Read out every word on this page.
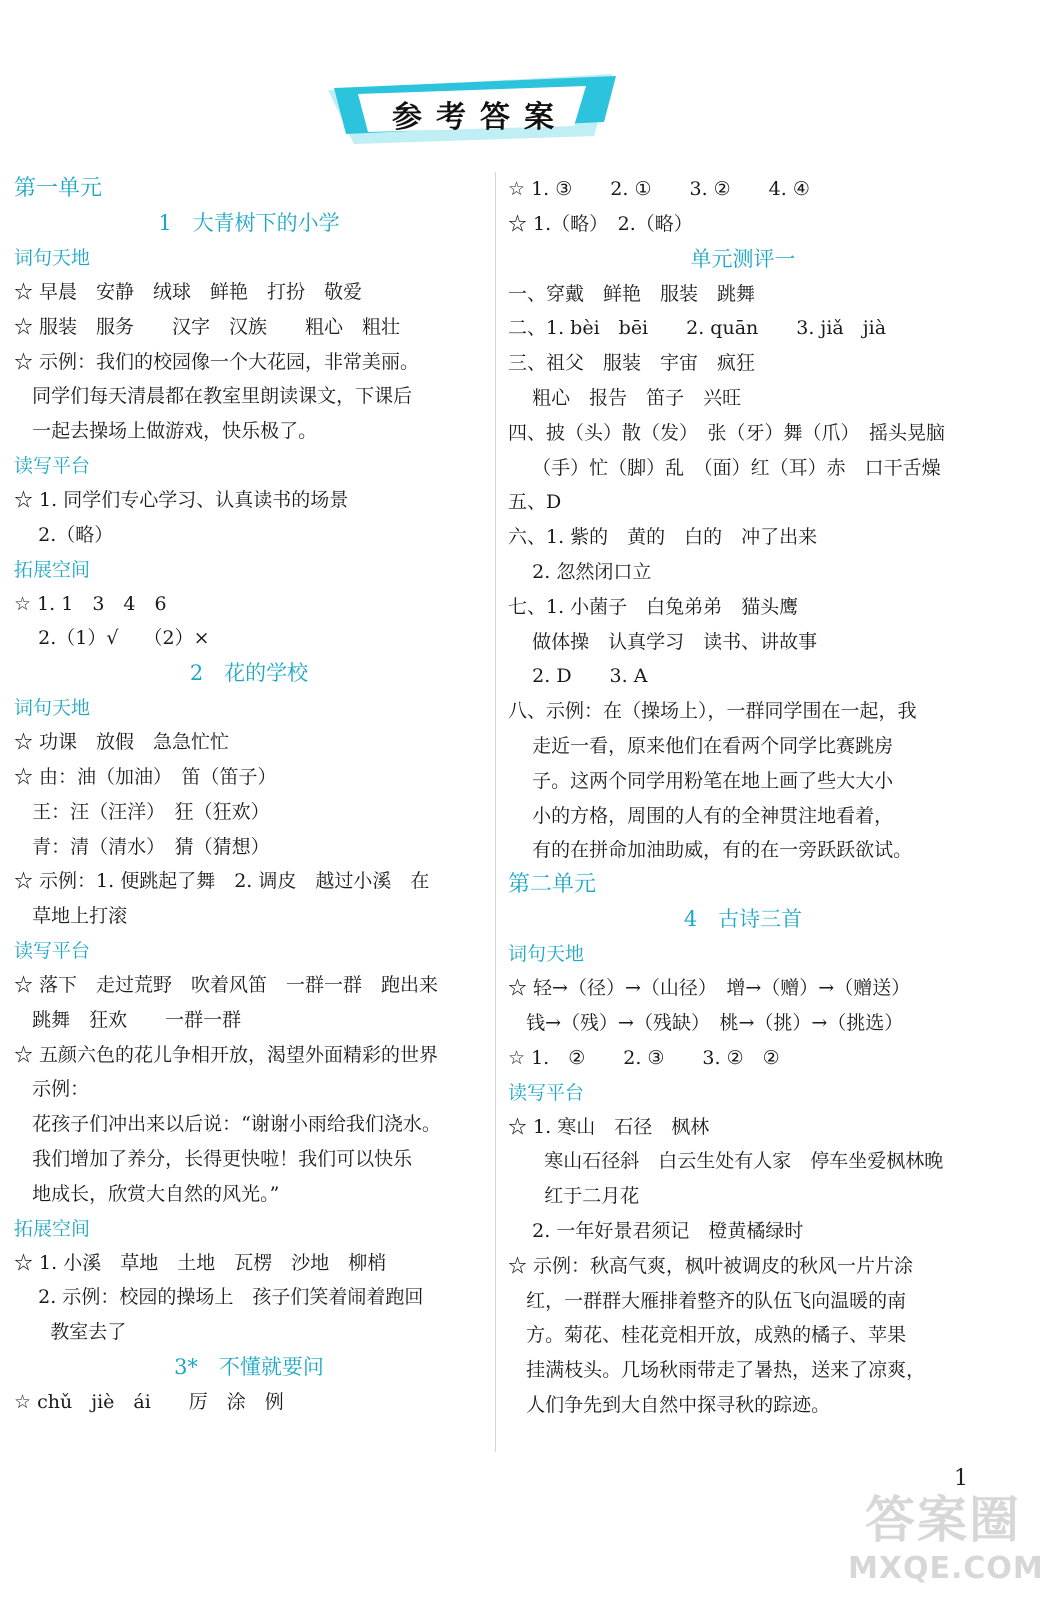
参考答案
第一单元
1　大青树下的小学
词句天地
☆ 早晨　安静　绒球　鲜艳　打扮　敬爱
☆ 服装　服务　　汉字　汉族　　粗心　粗壮
☆ 示例：我们的校园像一个大花园，非常美丽。
同学们每天清晨都在教室里朗读课文，下课后
一起去操场上做游戏，快乐极了。
读写平台
☆ 1. 同学们专心学习、认真读书的场景
2.（略）
拓展空间
☆ 1. 1　3　4　6
2.（1）√　 （2）×
2　花的学校
词句天地
☆ 功课　放假　急急忙忙
☆ 由：油（加油）　笛（笛子）
王：汪（汪洋）　狂（狂欢）
青：清（清水）　猜（猜想）
☆ 示例：1. 便跳起了舞　2. 调皮　越过小溪　在
草地上打滚
读写平台
☆ 落下　走过荒野　吹着风笛　一群一群　跑出来
跳舞　狂欢　　一群一群
☆ 五颜六色的花儿争相开放，渴望外面精彩的世界
示例：
花孩子们冲出来以后说：“谢谢小雨给我们浇水。
我们增加了养分，长得更快啦！我们可以快乐
地成长，欣赏大自然的风光。”
拓展空间
☆ 1. 小溪　草地　土地　瓦楞　沙地　柳梢
2. 示例：校园的操场上　孩子们笑着闹着跑回
教室去了
3*　不懂就要问
☆ chǔ　jiè　ái　　厉　涂　例
☆ 1. ③　　2. ①　　3. ②　　4. ④
☆ 1.（略）　2.（略）
单元测评一
一、穿戴　鲜艳　服装　跳舞
二、1. bèi　bēi　　2. quān　　3. jiǎ　jià
三、祖父　服装　宇宙　疯狂
粗心　报告　笛子　兴旺
四、披（头）散（发）　张（牙）舞（爪）　摇头晃脑
（手）忙（脚）乱　（面）红（耳）赤　口干舌燥
五、D
六、1. 紫的　黄的　白的　冲了出来
2. 忽然闭口立
七、1. 小菌子　白兔弟弟　猫头鹰
做体操　认真学习　读书、讲故事
2. D　　3. A
八、示例：在（操场上），一群同学围在一起，我
走近一看，原来他们在看两个同学比赛跳房
子。这两个同学用粉笔在地上画了些大大小
小的方格，周围的人有的全神贯注地看着，
有的在拼命加油助威，有的在一旁跃跃欲试。
第二单元
4　古诗三首
词句天地
☆ 轻→（径）→（山径）　增→（赠）→（赠送）
钱→（残）→（残缺）　桃→（挑）→（挑选）
☆ 1.　②　　2. ③　　3. ②　②
读写平台
☆ 1. 寒山　石径　枫林
寒山石径斜　白云生处有人家　停车坐爱枫林晚
红于二月花
2. 一年好景君须记　橙黄橘绿时
☆ 示例：秋高气爽，枫叶被调皮的秋风一片片涂
红，一群群大雁排着整齐的队伍飞向温暖的南
方。菊花、桂花竞相开放，成熟的橘子、苹果
挂满枝头。几场秋雨带走了暑热，送来了凉爽，
人们争先到大自然中探寻秋的踪迹。
1
答案圈
MXQE.COM
